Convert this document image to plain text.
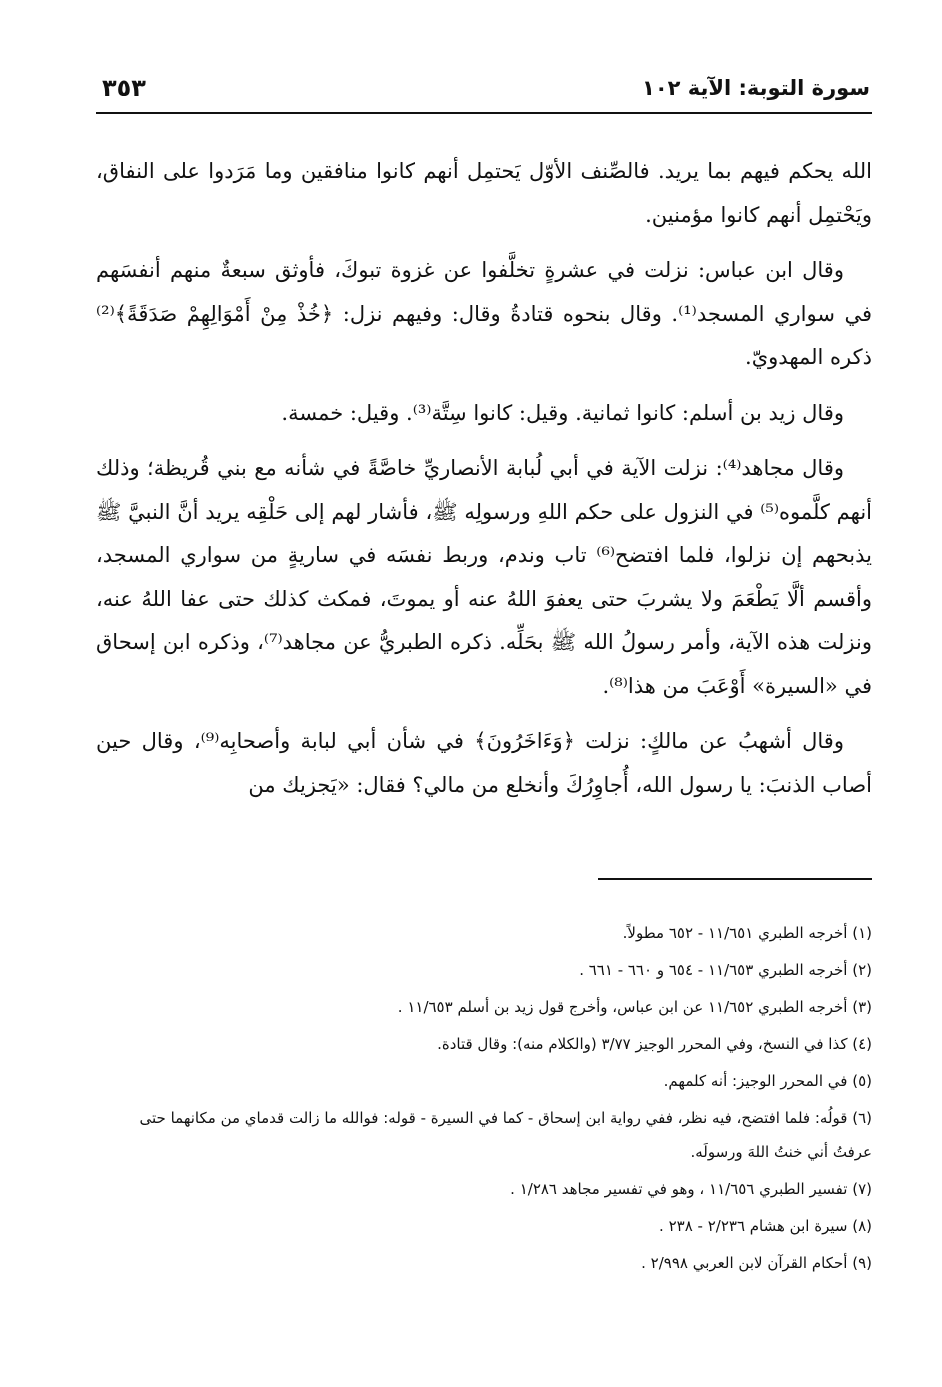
سورة التوبة: الآية ١٠٢
٣٥٣

الله يحكم فيهم بما يريد. فالصِّنف الأوّل يَحتمِل أنهم كانوا منافقين وما مَرَدوا على النفاق، ويَحْتمِل أنهم كانوا مؤمنين.

وقال ابن عباس: نزلت في عشرةٍ تخلَّفوا عن غزوة تبوكَ، فأوثق سبعةٌ منهم أنفسَهم في سواري المسجد⁽¹⁾. وقال بنحوه قتادةُ وقال: وفيهم نزل: ﴿خُذْ مِنْ أَمْوَالِهِمْ صَدَقَةً﴾⁽²⁾ ذكره المهدويّ.

وقال زيد بن أسلم: كانوا ثمانية. وقيل: كانوا سِتَّة⁽³⁾. وقيل: خمسة.

وقال مجاهد⁽⁴⁾: نزلت الآية في أبي لُبابة الأنصاريِّ خاصَّةً في شأنه مع بني قُريظة؛ وذلك أنهم كلَّموه⁽⁵⁾ في النزول على حكم اللهِ ورسولِه ﷺ، فأشار لهم إلى حَلْقِه يريد أنَّ النبيَّ ﷺ يذبحهم إن نزلوا، فلما افتضح⁽⁶⁾ تاب وندم، وربط نفسَه في ساريةٍ من سواري المسجد، وأقسم ألَّا يَطْعَمَ ولا يشربَ حتى يعفوَ اللهُ عنه أو يموتَ، فمكث كذلك حتى عفا اللهُ عنه، ونزلت هذه الآية، وأمر رسولُ الله ﷺ بحَلِّه. ذكره الطبريُّ عن مجاهد⁽⁷⁾، وذكره ابن إسحاق في «السيرة» أَوْعَبَ من هذا⁽⁸⁾.

وقال أشهبُ عن مالكٍ: نزلت ﴿وَءَاخَرُونَ﴾ في شأن أبي لبابة وأصحابِه⁽⁹⁾، وقال حين أصاب الذنبَ: يا رسول الله، أُجاوِرُكَ وأنخلع من مالي؟ فقال: «يَجزيك من

(١) أخرجه الطبري ١١/٦٥١ - ٦٥٢ مطولاً.
(٢) أخرجه الطبري ١١/٦٥٣ - ٦٥٤ و ٦٦٠ - ٦٦١ .
(٣) أخرجه الطبري ١١/٦٥٢ عن ابن عباس، وأخرج قول زيد بن أسلم ١١/٦٥٣ .
(٤) كذا في النسخ، وفي المحرر الوجيز ٣/٧٧ (والكلام منه): وقال قتادة.
(٥) في المحرر الوجيز: أنه كلمهم.
(٦) قولُه: فلما افتضح، فيه نظر، ففي رواية ابن إسحاق - كما في السيرة - قوله: فوالله ما زالت قدماي من مكانهما حتى عرفتُ أني خنتُ اللهَ ورسولَه.
(٧) تفسير الطبري ١١/٦٥٦ ، وهو في تفسير مجاهد ١/٢٨٦ .
(٨) سيرة ابن هشام ٢/٢٣٦ - ٢٣٨ .
(٩) أحكام القرآن لابن العربي ٢/٩٩٨ .
